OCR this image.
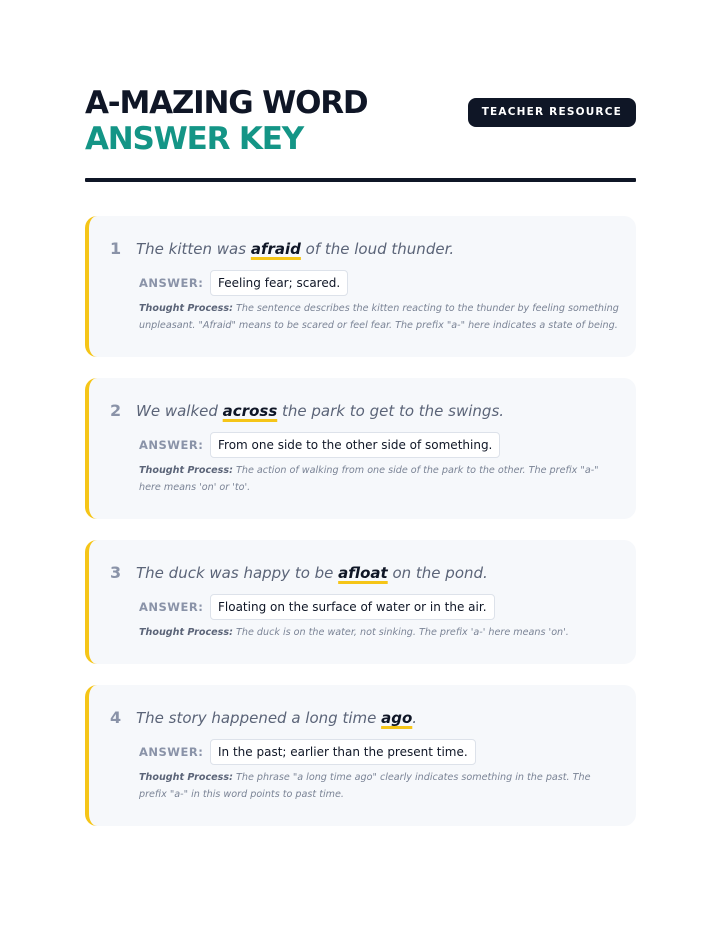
A-MAZING WORD
ANSWER KEY
TEACHER RESOURCE
1 The kitten was afraid of the loud thunder.
ANSWER:	Feeling fear; scared.

Thought Process: The sentence describes the kitten reacting to the thunder by feeling something unpleasant. "Afraid" means to be scared or feel fear. The prefix "a-" here indicates a state of being.

2 We walked across the park to get to the swings.
ANSWER:	From one side to the other side of something.

Thought Process: The action of walking from one side of the park to the other. The prefix "a-" here means 'on' or 'to'.

3 The duck was happy to be afloat on the pond.
ANSWER:	Floating on the surface of water or in the air.

Thought Process: The duck is on the water, not sinking. The prefix 'a-' here means 'on'.

4 The story happened a long time ago.
ANSWER:	In the past; earlier than the present time.

Thought Process: The phrase "a long time ago" clearly indicates something in the past. The prefix "a-" in this word points to past time.
